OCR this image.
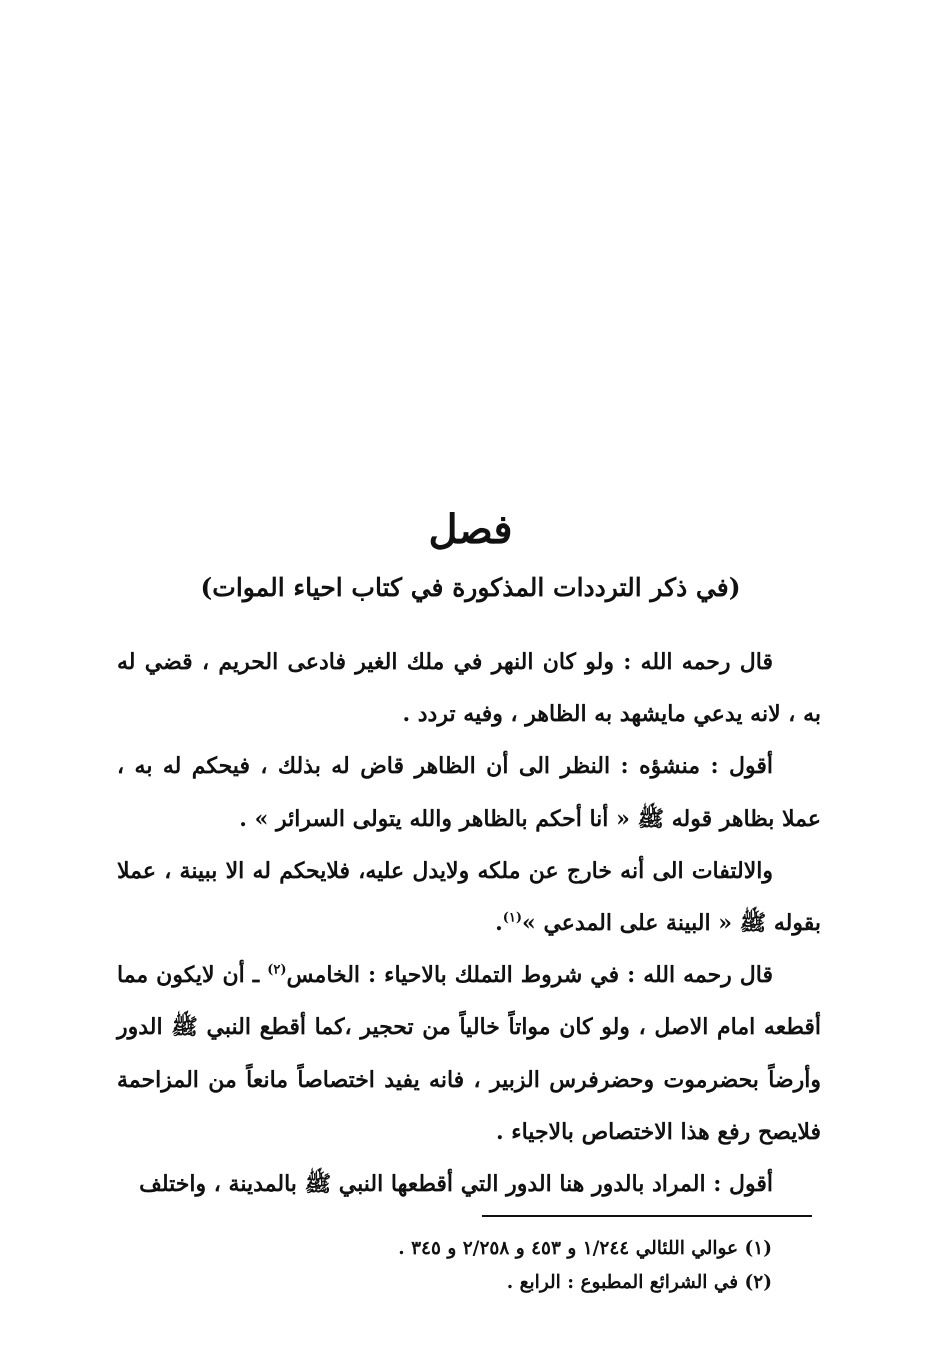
فصل
(في ذكر الترددات المذكورة في كتاب احياء الموات)

قال رحمه الله : ولو كان النهر في ملك الغير فادعى الحريم ، قضي له به ، لانه يدعي مايشهد به الظاهر ، وفيه تردد .

أقول : منشؤه : النظر الى أن الظاهر قاض له بذلك ، فيحكم له به ، عملا بظاهر قوله ﷺ « أنا أحكم بالظاهر والله يتولى السرائر » .

والالتفات الى أنه خارج عن ملكه ولايدل عليه، فلايحكم له الا ببينة ، عملا بقوله ﷺ « البينة على المدعي »$^{(١)}$.

قال رحمه الله : في شروط التملك بالاحياء : الخامس$^{(٢)}$ ـ أن لايكون مما أقطعه امام الاصل ، ولو كان مواتاً خالياً من تحجير ،كما أقطع النبي ﷺ الدور وأرضاً بحضرموت وحضرفرس الزبير ، فانه يفيد اختصاصاً مانعاً من المزاحمة فلايصح رفع هذا الاختصاص بالاجياء .

أقول : المراد بالدور هنا الدور التي أقطعها النبي ﷺ بالمدينة ، واختلف

(١) عوالي اللئالي ١/٢٤٤ و ٤٥٣ و ٢/٢٥٨ و ٣٤٥ .

(٢) في الشرائع المطبوع : الرابع .
